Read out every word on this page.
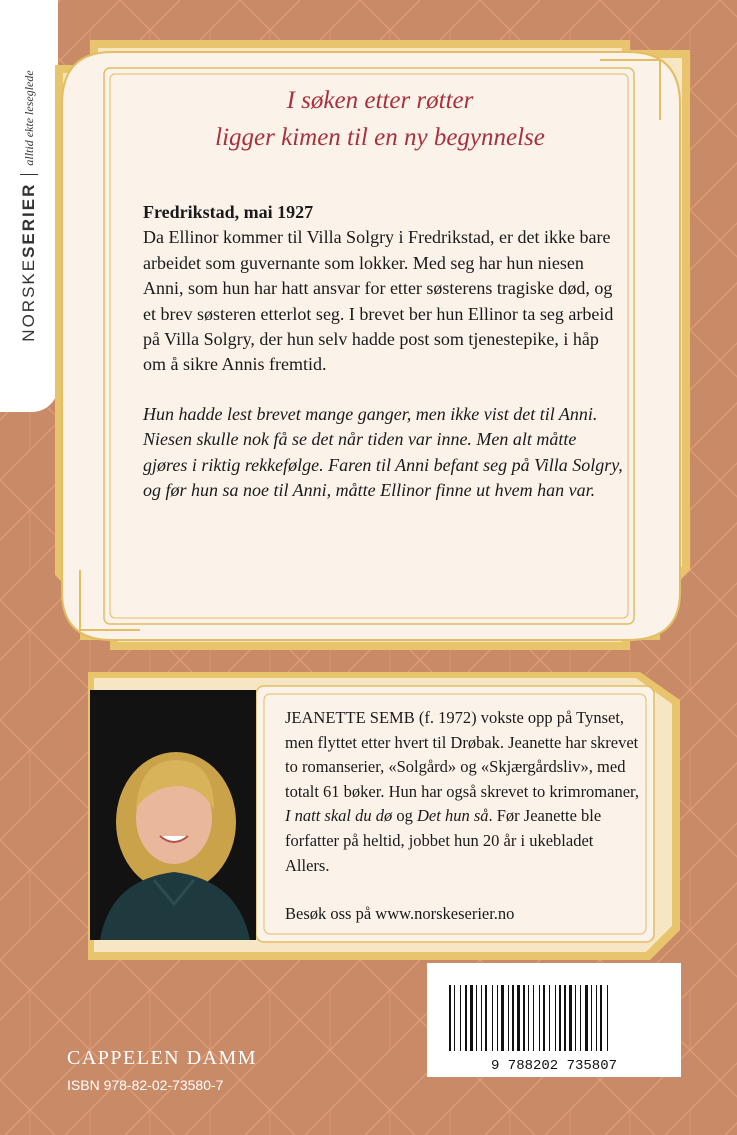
NORSKESERIER
alltid ekte leseglede	I søken etter røtter
ligger kimen til en ny begynnelse
Fredrikstad, mai 1927
Da Ellinor kommer til Villa Solgry i Fredrikstad, er det ikke bare arbeidet som guvernante som lokker. Med seg har hun niesen Anni, som hun har hatt ansvar for etter søsterens tragiske død, og et brev søsteren etterlot seg. I brevet ber hun Ellinor ta seg arbeid på Villa Solgry, der hun selv hadde post som tjenestepike, i håp om å sikre Annis fremtid.
Hun hadde lest brevet mange ganger, men ikke vist det til Anni. Niesen skulle nok få se det når tiden var inne. Men alt måtte gjøres i riktig rekkefølge. Faren til Anni befant seg på Villa Solgry, og før hun sa noe til Anni, måtte Ellinor finne ut hvem han var.

JEANETTE SEMB (f. 1972) vokste opp på Tynset, men flyttet etter hvert til Drøbak. Jeanette har skrevet to romanserier, «Solgård» og «Skjærgårdsliv», med totalt 61 bøker. Hun har også skrevet to krimromaner, I natt skal du dø og Det hun så. Før Jeanette ble forfatter på heltid, jobbet hun 20 år i ukebladet Allers.

Besøk oss på www.norskeserier.no

9 788202 735807
CAPPELEN DAMM
ISBN 978-82-02-73580-7
